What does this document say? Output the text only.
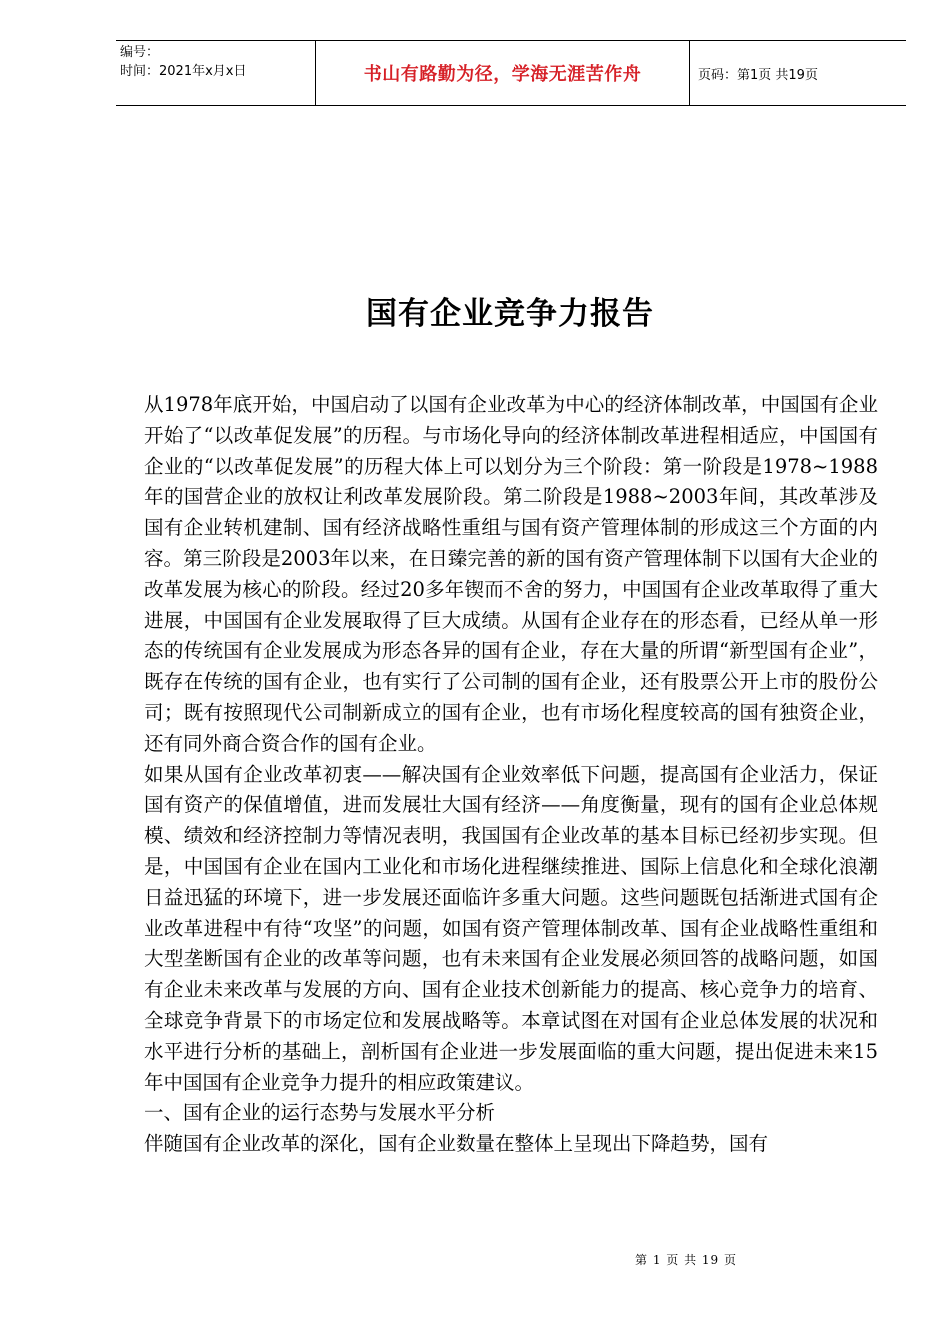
编号：
时间：2021年x月x日	书山有路勤为径，学海无涯苦作舟	页码：第1页 共19页
国有企业竞争力报告

从1978年底开始，中国启动了以国有企业改革为中心的经济体制改革，中国国有企业开始了“以改革促发展”的历程。与市场化导向的经济体制改革进程相适应，中国国有企业的“以改革促发展”的历程大体上可以划分为三个阶段：第一阶段是1978~1988年的国营企业的放权让利改革发展阶段。第二阶段是1988~2003年间，其改革涉及国有企业转机建制、国有经济战略性重组与国有资产管理体制的形成这三个方面的内容。第三阶段是2003年以来，在日臻完善的新的国有资产管理体制下以国有大企业的改革发展为核心的阶段。经过20多年锲而不舍的努力，中国国有企业改革取得了重大进展，中国国有企业发展取得了巨大成绩。从国有企业存在的形态看，已经从单一形态的传统国有企业发展成为形态各异的国有企业，存在大量的所谓“新型国有企业”，既存在传统的国有企业，也有实行了公司制的国有企业，还有股票公开上市的股份公司；既有按照现代公司制新成立的国有企业，也有市场化程度较高的国有独资企业，还有同外商合资合作的国有企业。

如果从国有企业改革初衷——解决国有企业效率低下问题，提高国有企业活力，保证国有资产的保值增值，进而发展壮大国有经济——角度衡量，现有的国有企业总体规模、绩效和经济控制力等情况表明，我国国有企业改革的基本目标已经初步实现。但是，中国国有企业在国内工业化和市场化进程继续推进、国际上信息化和全球化浪潮日益迅猛的环境下，进一步发展还面临许多重大问题。这些问题既包括渐进式国有企业改革进程中有待“攻坚”的问题，如国有资产管理体制改革、国有企业战略性重组和大型垄断国有企业的改革等问题，也有未来国有企业发展必须回答的战略问题，如国有企业未来改革与发展的方向、国有企业技术创新能力的提高、核心竞争力的培育、全球竞争背景下的市场定位和发展战略等。本章试图在对国有企业总体发展的状况和水平进行分析的基础上，剖析国有企业进一步发展面临的重大问题，提出促进未来15年中国国有企业竞争力提升的相应政策建议。

一、国有企业的运行态势与发展水平分析

伴随国有企业改革的深化，国有企业数量在整体上呈现出下降趋势，国有

第 1 页 共 19 页
